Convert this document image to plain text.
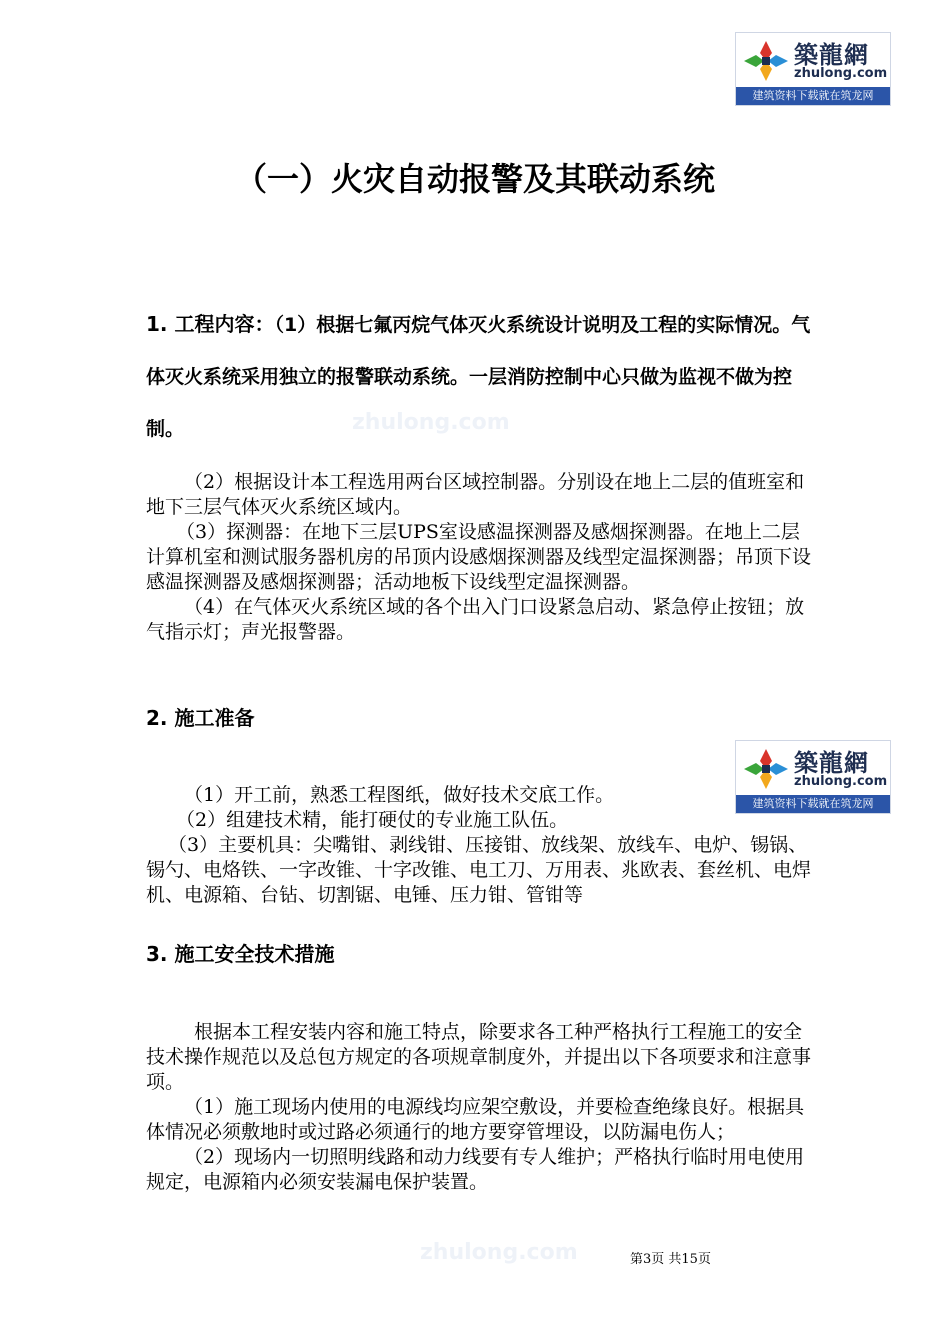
zhulong.com
zhulong.com
築龍網
zhulong.com
建筑资料下载就在筑龙网
（一）火灾自动报警及其联动系统
1. 工程内容：（1）根据七氟丙烷气体灭火系统设计说明及工程的实际情况。气体灭火系统采用独立的报警联动系统。一层消防控制中心只做为监视不做为控制。

（2）根据设计本工程选用两台区域控制器。分别设在地上二层的值班室和地下三层气体灭火系统区域内。

（3）探测器：在地下三层UPS室设感温探测器及感烟探测器。在地上二层计算机室和测试服务器机房的吊顶内设感烟探测器及线型定温探测器；吊顶下设感温探测器及感烟探测器；活动地板下设线型定温探测器。

（4）在气体灭火系统区域的各个出入门口设紧急启动、紧急停止按钮；放气指示灯；声光报警器。

2. 施工准备
築龍網
zhulong.com
建筑资料下载就在筑龙网

（1）开工前，熟悉工程图纸，做好技术交底工作。

（2）组建技术精，能打硬仗的专业施工队伍。

（3）主要机具：尖嘴钳、剥线钳、压接钳、放线架、放线车、电炉、锡锅、锡勺、电烙铁、一字改锥、十字改锥、电工刀、万用表、兆欧表、套丝机、电焊机、电源箱、台钻、切割锯、电锤、压力钳、管钳等
3. 施工安全技术措施

根据本工程安装内容和施工特点，除要求各工种严格执行工程施工的安全技术操作规范以及总包方规定的各项规章制度外，并提出以下各项要求和注意事项。

（1）施工现场内使用的电源线均应架空敷设，并要检查绝缘良好。根据具体情况必须敷地时或过路必须通行的地方要穿管埋设，以防漏电伤人；

（2）现场内一切照明线路和动力线要有专人维护；严格执行临时用电使用规定，电源箱内必须安装漏电保护装置。

第3页 共15页
